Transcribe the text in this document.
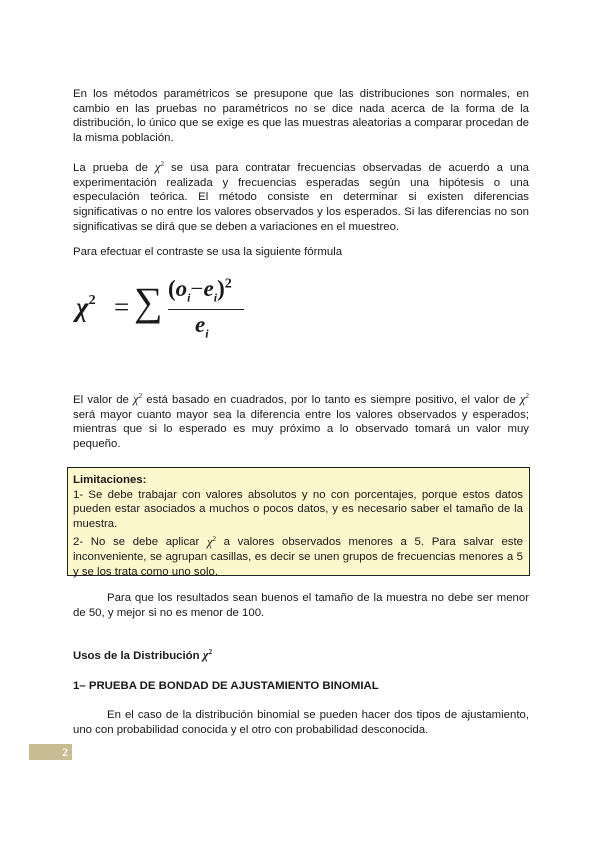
En los métodos paramétricos se presupone que las distribuciones son normales, en cambio en las pruebas no paramétricos no se dice nada acerca de la forma de la distribución, lo único que se exige es que las muestras aleatorias a comparar procedan de la misma población.

La prueba de $\chi^2$ se usa para contratar frecuencias observadas de acuerdo a una experimentación realizada y frecuencias esperadas según una hipótesis o una especulación teórica. El método consiste en determinar si existen diferencias significativas o no entre los valores observados y los esperados. Si las diferencias no son significativas se dirá que se deben a variaciones en el muestreo.

Para efectuar el contraste se usa la siguiente fórmula

$\chi^2$ = ∑ $(o_i-e_i)^2$
$e_i$

El valor de $\chi^2$ está basado en cuadrados, por lo tanto es siempre positivo, el valor de $\chi^2$ será mayor cuanto mayor sea la diferencia entre los valores observados y esperados; mientras que si lo esperado es muy próximo a lo observado tomará un valor muy pequeño.

Limitaciones:

1- Se debe trabajar con valores absolutos y no con porcentajes, porque estos datos pueden estar asociados a muchos o pocos datos, y es necesario saber el tamaño de la muestra.

2- No se debe aplicar $\chi^2$ a valores observados menores a 5. Para salvar este inconveniente, se agrupan casillas, es decir se unen grupos de frecuencias menores a 5 y se los trata como uno solo.

Para que los resultados sean buenos el tamaño de la muestra no debe ser menor de 50, y mejor si no es menor de 100.

Usos de la Distribución $\chi^2$

1– PRUEBA DE BONDAD DE AJUSTAMIENTO BINOMIAL

En el caso de la distribución binomial se pueden hacer dos tipos de ajustamiento, uno con probabilidad conocida y el otro con probabilidad desconocida.

2
